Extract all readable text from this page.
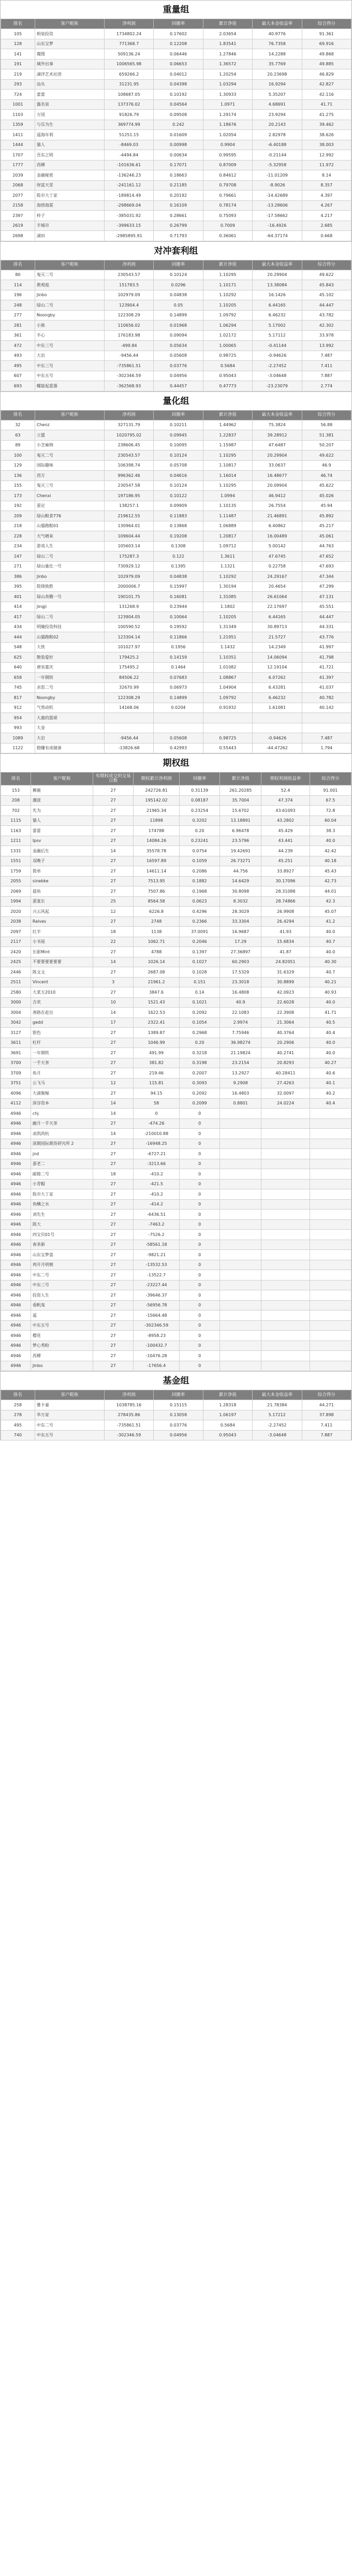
重量组
排名	客户昵称	净利润	回撤率	累计净值	最大本金收益率	综合得分
105	相泉投资	1734802.24	0.17602	2.03654	40.9776	91.361
128	山东宝梦	771368.7	0.12208	1.83541	76.7358	69.916
141	璨图	509136.24	0.06446	1.27846	14.2288	49.868
191	城外出事	1006565.98	0.06653	1.36572	35.7769	49.885
219	湖洋艺术社团	659266.2	0.04012	1.20254	20.23698	46.829
293	汕头	31231.95	0.04398	1.03294	16.9294	42.827
724	蕾蕾	108687.05	0.10192	1.30933	5.35207	42.116
1001	露名泉	137376.02	0.04564	1.0971	4.68691	41.71
1103	万国	91826.79	0.09508	1.29174	23.9294	41.275
1359	与乐为生	369774.99	0.242	1.18676	20.2143	39.462
1411	遥海年利	51251.15	0.01609	1.02054	2.82978	38.626
1444	猫人	-8469.03	0.00998	0.9904	-6.40188	38.003
1707	吾东之明	-4494.84	0.00634	0.99595	-0.21144	12.992
1777	西柳	-101636.61	0.17071	0.87009	-5.32958	11.972
2039	金融秘密	-136246.23	0.18663	0.84612	-11.01209	8.14
2068	财富天堂	-241161.12	0.21185	0.79708	-8.9026	8.357
2077	股市大丁家	-189814.49	0.20192	0.79661	-14.42689	4.397
2158	海傍海棠	-298669.04	0.16109	0.78174	-13.28606	4.267
2397	梓子	-385031.92	0.28661	0.75093	-17.58662	4.217
2619	半城市	-399633.15	0.26799	0.7009	-16.4926	2.685
2698	湖田	-2985895.91	0.71793	0.36061	-64.37174	0.668
对冲套利组
排名	客户昵称	净利润	回撤率	累计净值	最大本金收益率	综合得分
80	鬼灭二号	230543.57	0.10124	1.10295	20.29904	49.622
114	教观庭	151783.5	0.0296	1.10171	13.38084	45.843
196	Jinbo	102979.09	0.04838	1.10292	16.1426	45.102
248	绿山二号	123904.4	0.05	1.10205	6.44165	44.447
277	Noongby	122308.29	0.14899	1.09792	6.46232	43.782
281	小熊	110656.02	0.01968	1.06294	5.17002	42.302
361	半心	176183.98	0.09094	1.02172	5.17112	33.978
472	中东三号	-499.84	0.05634	1.00065	-0.41144	13.992
493	大岩	-9456.44	0.05608	0.98725	-0.94626	7.487
495	中东三号	-735861.51	0.03776	0.5684	-2.27452	7.411
607	中东五号	-302346.59	0.04956	0.95043	-3.04648	7.887
693	螺旋起重器	-362568.93	0.44457	0.47773	-23.23079	2.774
量化组
排名	客户昵称	净利润	回撤率	累计净值	最大本金收益率	综合得分
32	Chenz	327131.79	0.10211	1.44962	75.3824	56.88
63	立盟	1020795.02	0.09945	1.22837	39.28912	51.381
89	小芝麻锦	238606.45	0.10095	1.15987	47.6487	50.207
100	鬼灭二号	230543.57	0.10124	1.10295	20.29904	49.622
129	国际趣味	106398.74	0.05708	1.10817	33.0637	46.9
136	西方	996362.46	0.04616	1.16014	16.48677	46.74
155	鬼灭三号	230547.58	0.10124	1.10295	20.09904	45.622
173	Chenxi	197186.95	0.10122	1.0994	46.9412	45.026
192	蛋定	138257.1	0.09909	1.10135	26.7554	45.94
209	绿山粮食776	219612.55	0.11883	1.11487	21.46891	45.892
218	山猫跑鞋01	130964.01	0.13868	1.06889	6.40862	45.217
228	天气晴来	109604.44	0.19208	1.20817	16.00489	45.061
234	游戏人生	105603.14	0.1308	1.09712	5.00142	44.763
247	绿山二号	175287.3	0.122	1.3611	47.6745	47.652
271	绿山量化一号	730929.12	0.1395	1.1321	0.22758	47.693
386	Jinbo	102979.09	0.04838	1.10292	24.29167	47.344
395	股锋致胜	2000006.7	0.15997	1.30194	20.4654	47.299
401	绿山奔腾一号	190101.75	0.16081	1.31085	26.61064	47.131
414	Jingji	131268.9	0.23944	1.1802	22.17697	45.551
417	绿山二号	123904.05	0.10064	1.10205	6.44165	44.447
434	明瞳投资科技	100590.52	0.19592	1.31349	30.89713	44.331
444	山猫跑鞋02	123304.14	0.11866	1.21951	21.5727	43.776
548	大侠	101027.97	0.1956	1.1432	14.2349	41.997
625	散装爱好	179425.2	0.14159	1.10351	14.06094	41.798
640	唐宋嘉庆	175495.2	0.1464	1.01082	12.19104	41.721
658	一年钢铁	84506.22	0.07683	1.08867	6.07262	41.397
745	余思二号	32670.99	0.06973	1.04904	6.43281	41.037
817	Noongby	122308.29	0.14899	1.09792	6.46232	40.782
912	气势动机	14168.06	0.0204	0.91932	1.61081	40.142
954	大鹿的篮球					
993	大金					
1089	大岩	-9456.44	0.05608	0.98725	-0.94626	7.487
1122	稳赚有成储备	-13826.68	0.42993	0.55443	-44.47262	1.794
期权组
排名	客户昵称	有期权成交的交易日数	期权累计净利润	回撤率	累计净值	期权利润收益率	综合得分
153	狮鹿	27	242726.81	0.31139	261.20285	52.4	91.001
208	潮波	27	195142.02	0.08187	35.7004	47.374	67.5
702	先为	27	21965.34	0.23254	15.6702	43.61093	72.8
1115	猫人	27	11898	0.3202	13.18891	43.2802	60.04
1163	蕾蕾	27	174788	0.20	6.96478	45.429	38.3
1211	Ipsv	27	14084.26	0.23241	23.5796	43.441	40.0
1331	金融后生	14	35578.78	0.0754	19.42691	44.239	42.42
1551	双晚子	27	16597.89	0.1059	26.73271	45.251	40.18
1759	简单	27	14611.14	0.2086	44.756	33.8927	45.43
2055	sinebke	27	7513.95	0.1882	14.6429	30.17096	42.73
2069	晨鱼	27	7507.86	0.1968	30.8098	28.31088	44.01
1994	蛋寞长	25	8564.58	0.0623	8.3032	28.74866	42.3
2020	兴云风起	12	6226.8	0.4296	28.3029	26.9908	45.07
2038	Ralves	27	2748	0.2366	33.3304	26.4294	41.2
2097	红半	18	1138	37.0091	16.9687	41.93	40.0
2117	小书屋	22	1062.71	0.2046	17.29	15.6834	40.7
2420	长驱Mint	27	4788	0.1397	27.36897	41.87	40.0
2425	不要要要要要要	14	1026.14	0.1027	60.2903	24.82051	40.30
2446	陈文文	27	2687.08	0.1028	17.5329	31.6329	40.7
2511	Vincent	3	21961.2	0.151	23.3018	30.8899	40.21
2580	大菜玉2010	27	3847.6	0.14	16.4808	42.0923	40.93
3000	吉欢	10	1521.43	0.1021	40.9	22.6028	40.0
3004	善路在赶出	14	1622.53	0.2092	22.1083	22.3908	41.71
3042	gedd	17	2322.41	0.1054	2.9974	21.3064	40.5
3127	银色	27	1389.87	0.2968	7.75946	40.3764	40.4
3611	杠杆	27	1046.99	0.20	36.98274	20.2906	40.0
3691	一年钢铁	27	491.99	0.3218	21.19824	40.2741	40.0
3700	一手天茶	27	381.82	0.3198	23.2154	20.8293	40.27
3709	鱼月	27	219.46	0.2007	13.2927	40.28411	40.6
3751	公飞马	12	115.81	0.3093	9.2908	27.4263	40.1
4096	大浦聚鲸	27	94.15	0.2092	16.4803	32.0097	40.2
4112	深谷资本	14	58	0.2099	0.8801	24.0224	40.4
4946	chj	14	0	0			
4946	幽月一手天茶	27	-474.26	0			
4946	冰凯尚杭	14	-210010.88	0			
4946	深期国际期货研究所 2	27	-16948.25	0			
4946	jnd	27	-6727.21	0			
4946	蛋老二	27	-3213.66	0			
4946	邮箱二号	18	-410.2	0			
4946	小青帽	27	-421.5	0			
4946	股市大丁家	27	-410.2	0			
4946	鱼鳞之水	27	-414.2	0			
4946	刘先生	27	-6436.51	0			
4946	陈大	27	-7463.2	0			
4946	四宝贝01号	27	-7526.2	0			
4946	春茶新	27	-58561.18	0			
4946	山东宝梦盘	27	-9821.21	0			
4946	鸡开月明朝	27	-13532.53	0			
4946	中东二号	27	-13522.7	0			
4946	中东三号	27	-23227.44	0			
4946	投资人生	27	-39646.37	0			
4946	看帆鬼	27	-56956.78	0			
4946	遥	27	-15664.48	0			
4946	中东五号	27	-302346.59	0			
4946	樱花	27	-8958.23	0			
4946	梦心秀粉	27	-100432.7	0			
4946	西柳	27	-10476.28	0			
4946	Jinbo	27	-17656.4	0			
基金组
排名	客户昵称	净利润	回撤率	累计净值	最大本金收益率	综合得分
258	雅卡妻	1038785.16	0.15115	1.28318	21.78384	44.271
278	华万家	278435.86	0.13058	1.06197	5.17212	37.898
495	中东二号	-735861.51	0.03776	0.5684	-2.27452	7.411
740	中东五号	-302346.59	0.04956	0.95043	-3.04648	7.887
